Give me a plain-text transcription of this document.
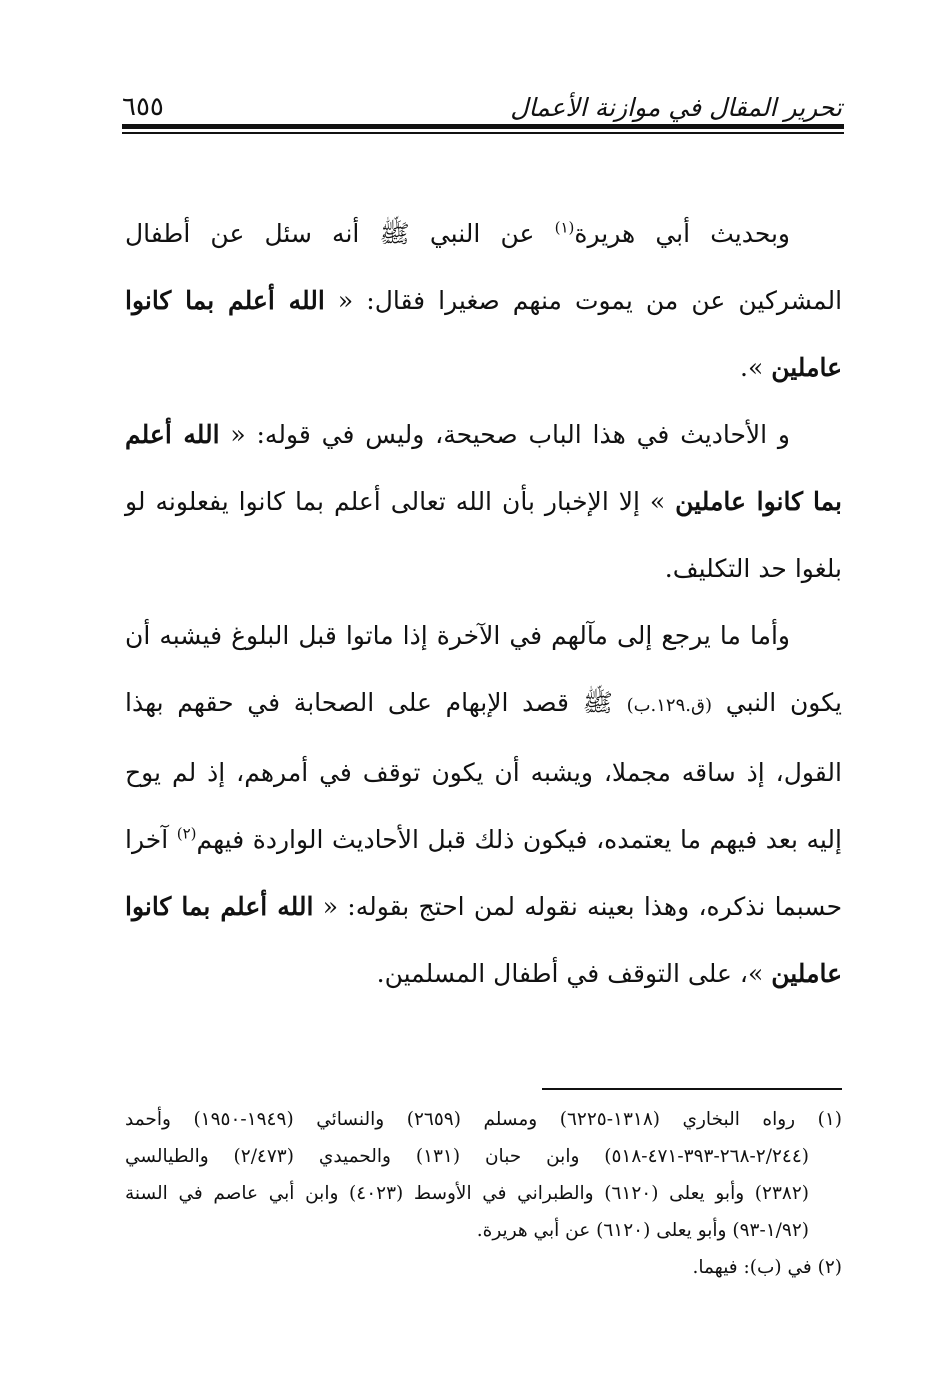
تحرير المقال في موازنة الأعمال
٦٥٥

وبحديث أبي هريرة$^{(١)}$ عن النبي ﷺ أنه سئل عن أطفال المشركين عن من يموت منهم صغيرا فقال: « الله أعلم بما كانوا عاملين ».

و الأحاديث في هذا الباب صحيحة، وليس في قوله: « الله أعلم بما كانوا عاملين » إلا الإخبار بأن الله تعالى أعلم بما كانوا يفعلونه لو بلغوا حد التكليف.

وأما ما يرجع إلى مآلهم في الآخرة إذا ماتوا قبل البلوغ فيشبه أن يكون النبي (ق.١٢٩.ب) ﷺ قصد الإبهام على الصحابة في حقهم بهذا القول، إذ ساقه مجملا، ويشبه أن يكون توقف في أمرهم، إذ لم يوح إليه بعد فيهم ما يعتمده، فيكون ذلك قبل الأحاديث الواردة فيهم$^{(٢)}$ آخرا حسبما نذكره، وهذا بعينه نقوله لمن احتج بقوله: « الله أعلم بما كانوا عاملين »، على التوقف في أطفال المسلمين.

(١) رواه البخاري (١٣١٨-٦٢٢٥) ومسلم (٢٦٥٩) والنسائي (١٩٤٩-١٩٥٠) وأحمد
(٢/٢٤٤-٢٦٨-٣٩٣-٤٧١-٥١٨) وابن حبان (١٣١) والحميدي (٢/٤٧٣) والطيالسي
(٢٣٨٢) وأبو يعلى (٦١٢٠) والطبراني في الأوسط (٤٠٢٣) وابن أبي عاصم في السنة
(١/٩٢-٩٣) وأبو يعلى (٦١٢٠) عن أبي هريرة.
(٢) في (ب): فيهما.
